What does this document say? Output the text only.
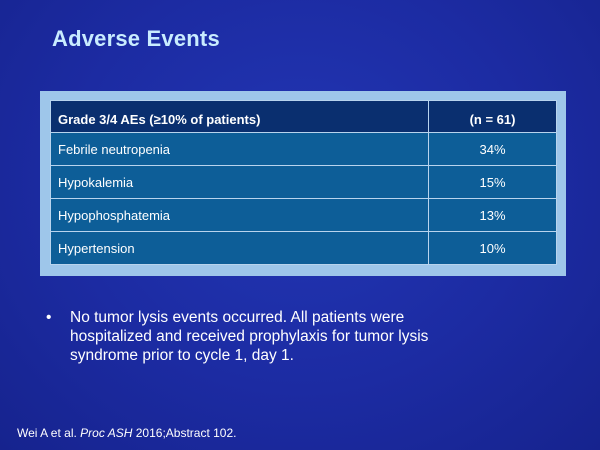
Adverse Events
Grade 3/4 AEs (≥10% of patients)	(n = 61)
Febrile neutropenia	34%
Hypokalemia	15%
Hypophosphatemia	13%
Hypertension	10%
•	No tumor lysis events occurred. All patients were hospitalized and received prophylaxis for tumor lysis syndrome prior to cycle 1, day 1.
Wei A et al. Proc ASH 2016;Abstract 102.
